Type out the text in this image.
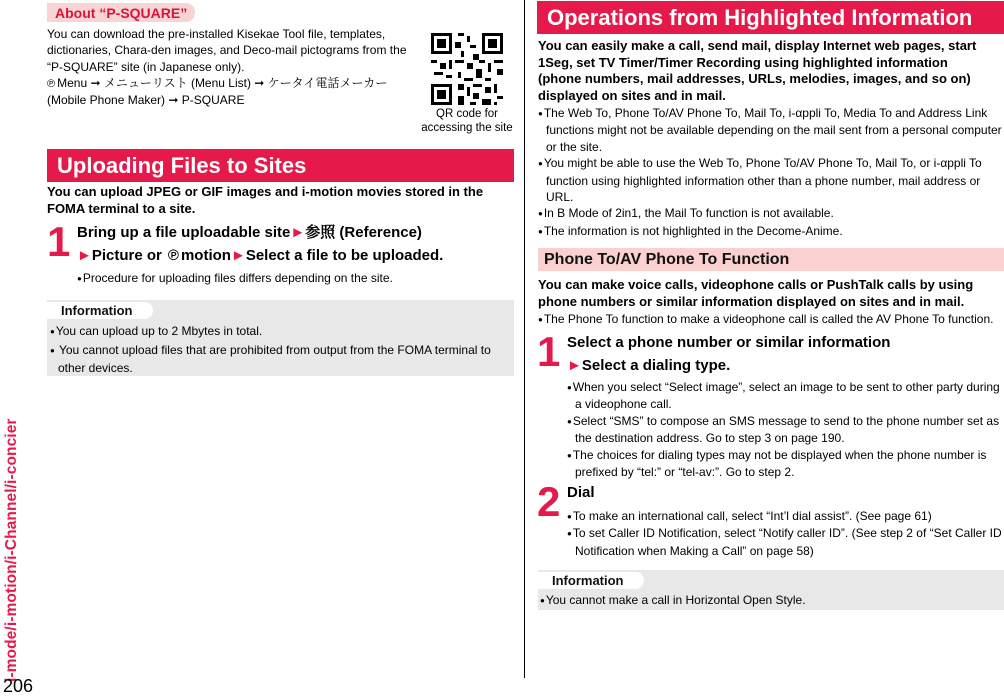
i-mode/i-motion/i-Channel/i-concier
206
About “P-SQUARE”
You can download the pre-installed Kisekae Tool file, templates,
dictionaries, Chara-den images, and Deco-mail pictograms from the
“P-SQUARE” site (in Japanese only).
℗ Menu ➞ メニューリスト (Menu List) ➞ ケータイ電話メーカー
(Mobile Phone Maker) ➞ P-SQUARE
QR code for
accessing the site
Uploading Files to Sites
You can upload JPEG or GIF images and i-motion movies stored in the
FOMA terminal to a site.
1 Bring up a file uploadable site►参照 (Reference)
►Picture or ℗ motion►Select a file to be uploaded.
● Procedure for uploading files differs depending on the site.
Information
● You can upload up to 2 Mbytes in total.
● You cannot upload files that are prohibited from output from the FOMA terminal to
other devices.
Operations from Highlighted Information
You can easily make a call, send mail, display Internet web pages, start
1Seg, set TV Timer/Timer Recording using highlighted information
(phone numbers, mail addresses, URLs, melodies, images, and so on)
displayed on sites and in mail.
● The Web To, Phone To/AV Phone To, Mail To, i-αppli To, Media To and Address Link
functions might not be available depending on the mail sent from a personal computer
or the site.
● You might be able to use the Web To, Phone To/AV Phone To, Mail To, or i-αppli To
function using highlighted information other than a phone number, mail address or
URL.
● In B Mode of 2in1, the Mail To function is not available.
● The information is not highlighted in the Decome-Anime.
Phone To/AV Phone To Function
You can make voice calls, videophone calls or PushTalk calls by using
phone numbers or similar information displayed on sites and in mail.
● The Phone To function to make a videophone call is called the AV Phone To function.
1 Select a phone number or similar information
►Select a dialing type.
● When you select “Select image”, select an image to be sent to other party during
a videophone call.
● Select “SMS” to compose an SMS message to send to the phone number set as
the destination address. Go to step 3 on page 190.
● The choices for dialing types may not be displayed when the phone number is
prefixed by “tel:” or “tel-av:”. Go to step 2.
2 Dial
● To make an international call, select “Int’l dial assist”. (See page 61)
● To set Caller ID Notification, select “Notify caller ID”. (See step 2 of “Set Caller ID
Notification when Making a Call” on page 58)
Information
● You cannot make a call in Horizontal Open Style.
